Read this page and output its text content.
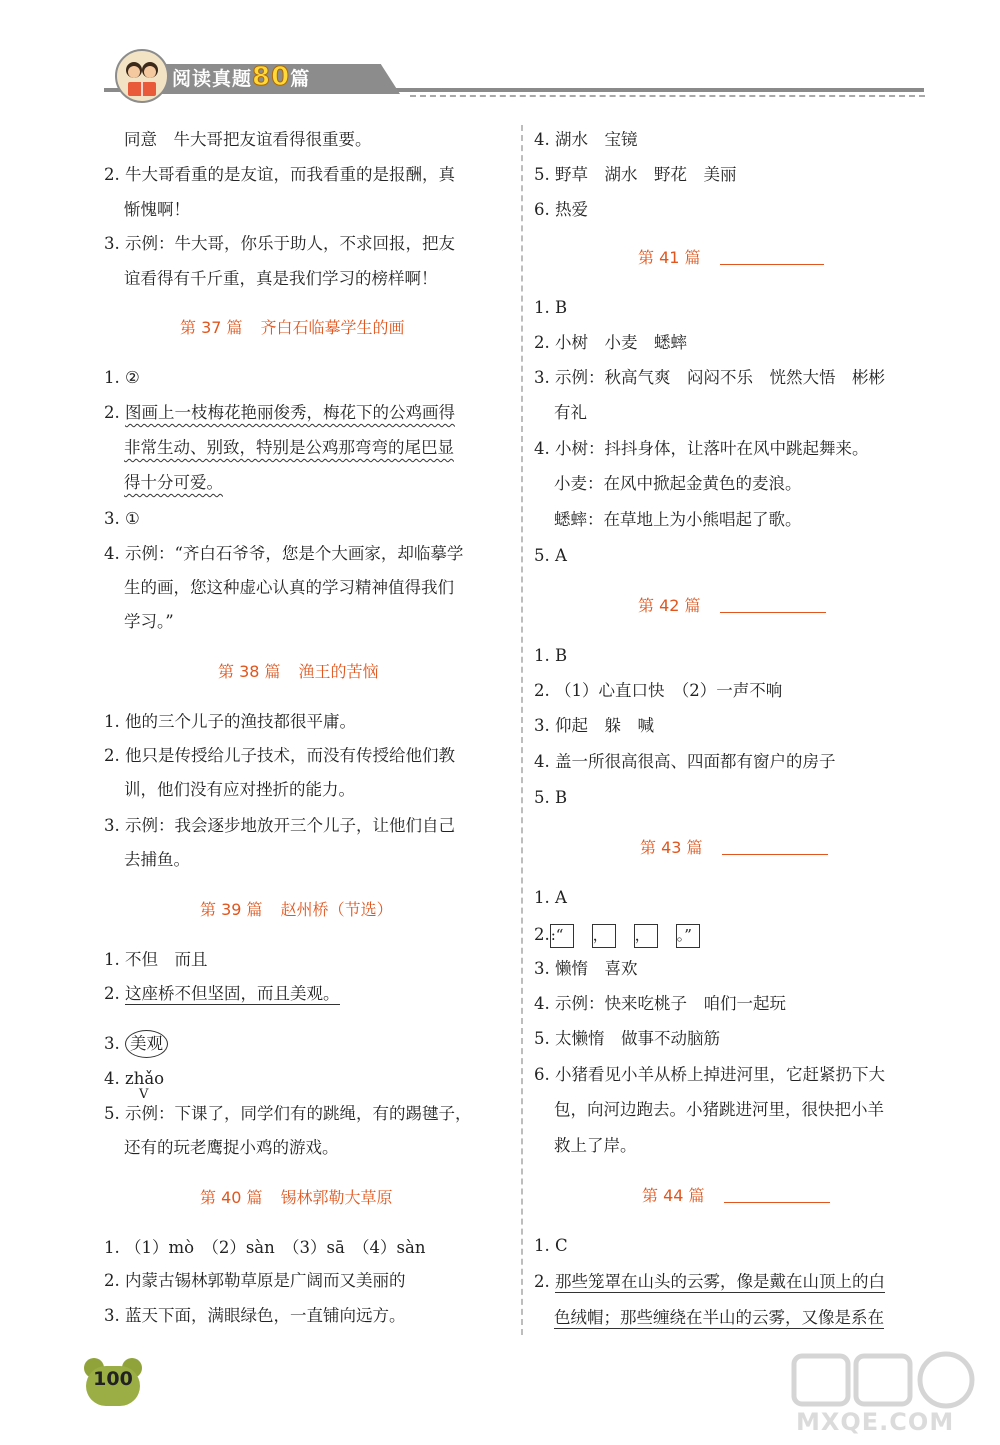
阅读真题80篇
同意　牛大哥把友谊看得很重要。
2. 牛大哥看重的是友谊，而我看重的是报酬，真
惭愧啊！
3. 示例：牛大哥，你乐于助人，不求回报，把友
谊看得有千斤重，真是我们学习的榜样啊！
第 37 篇 齐白石临摹学生的画
1. ②
2. 图画上一枝梅花艳丽俊秀，梅花下的公鸡画得
非常生动、别致，特别是公鸡那弯弯的尾巴显
得十分可爱。
3. ①
4. 示例：“齐白石爷爷，您是个大画家，却临摹学
生的画，您这种虚心认真的学习精神值得我们
学习。”
第 38 篇 渔王的苦恼
1. 他的三个儿子的渔技都很平庸。
2. 他只是传授给儿子技术，而没有传授给他们教
训，他们没有应对挫折的能力。
3. 示例：我会逐步地放开三个儿子，让他们自己
去捕鱼。
第 39 篇 赵州桥（节选）
1. 不但　而且
2. 这座桥不但坚固，而且美观。
3. 美观
4. zhǎo
V
5. 示例：下课了，同学们有的跳绳，有的踢毽子，
还有的玩老鹰捉小鸡的游戏。
第 40 篇 锡林郭勒大草原
1. （1）mò　（2）sàn　（3）sā　（4）sàn
2. 内蒙古锡林郭勒草原是广阔而又美丽的
3. 蓝天下面，满眼绿色，一直铺向远方。
4. 湖水　宝镜
5. 野草　湖水　野花　美丽
6. 热爱
第 41 篇
1. B
2. 小树　小麦　蟋蟀
3. 示例：秋高气爽　闷闷不乐　恍然大悟　彬彬
有礼
4. 小树：抖抖身体，让落叶在风中跳起舞来。
小麦：在风中掀起金黄色的麦浪。
蟋蟀：在草地上为小熊唱起了歌。
5. A
第 42 篇
1. B
2. （1）心直口快　（2）一声不响
3. 仰起　躲　喊
4. 盖一所很高很高、四面都有窗户的房子
5. B
第 43 篇
1. A
2.:“ ， ， 。”
3. 懒惰　喜欢
4. 示例：快来吃桃子　咱们一起玩
5. 太懒惰　做事不动脑筋
6. 小猪看见小羊从桥上掉进河里，它赶紧扔下大
包，向河边跑去。小猪跳进河里，很快把小羊
救上了岸。
第 44 篇
1. C
2. 那些笼罩在山头的云雾，像是戴在山顶上的白
色绒帽；那些缠绕在半山的云雾，又像是系在
100
MXQE.COM
